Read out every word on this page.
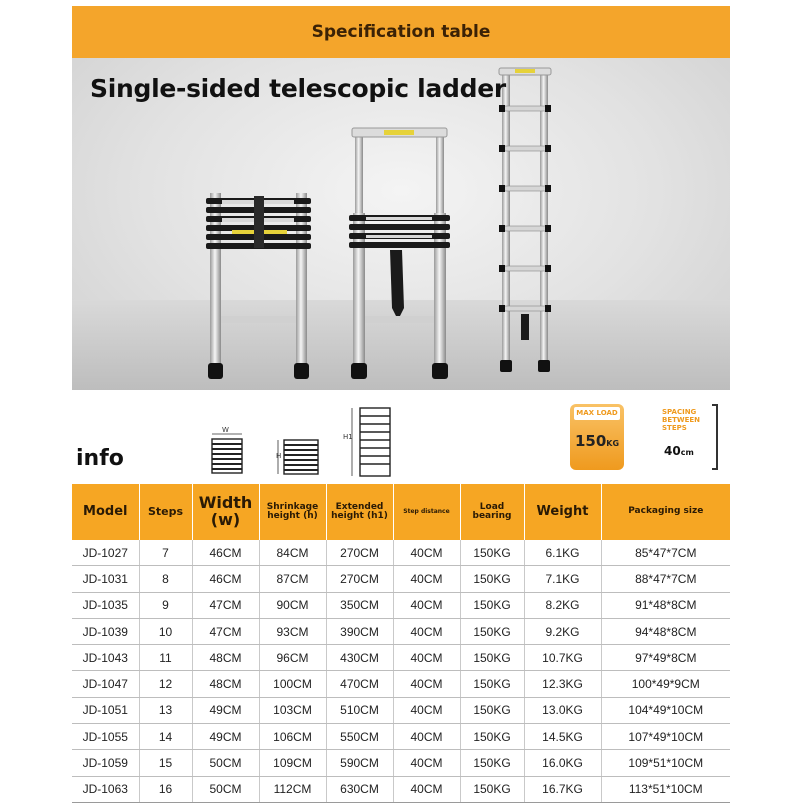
Specification table
Single-sided telescopic ladder
info
W
H
H1
MAX LOAD
150KG
SPACING BETWEEN STEPS
40cm
Model	Steps	Width (w)	Shrinkage height (h)	Extended height (h1)	Step distance	Load bearing	Weight	Packaging size
JD-1027	7	46CM	84CM	270CM	40CM	150KG	6.1KG	85*47*7CM
JD-1031	8	46CM	87CM	270CM	40CM	150KG	7.1KG	88*47*7CM
JD-1035	9	47CM	90CM	350CM	40CM	150KG	8.2KG	91*48*8CM
JD-1039	10	47CM	93CM	390CM	40CM	150KG	9.2KG	94*48*8CM
JD-1043	11	48CM	96CM	430CM	40CM	150KG	10.7KG	97*49*8CM
JD-1047	12	48CM	100CM	470CM	40CM	150KG	12.3KG	100*49*9CM
JD-1051	13	49CM	103CM	510CM	40CM	150KG	13.0KG	104*49*10CM
JD-1055	14	49CM	106CM	550CM	40CM	150KG	14.5KG	107*49*10CM
JD-1059	15	50CM	109CM	590CM	40CM	150KG	16.0KG	109*51*10CM
JD-1063	16	50CM	112CM	630CM	40CM	150KG	16.7KG	113*51*10CM
